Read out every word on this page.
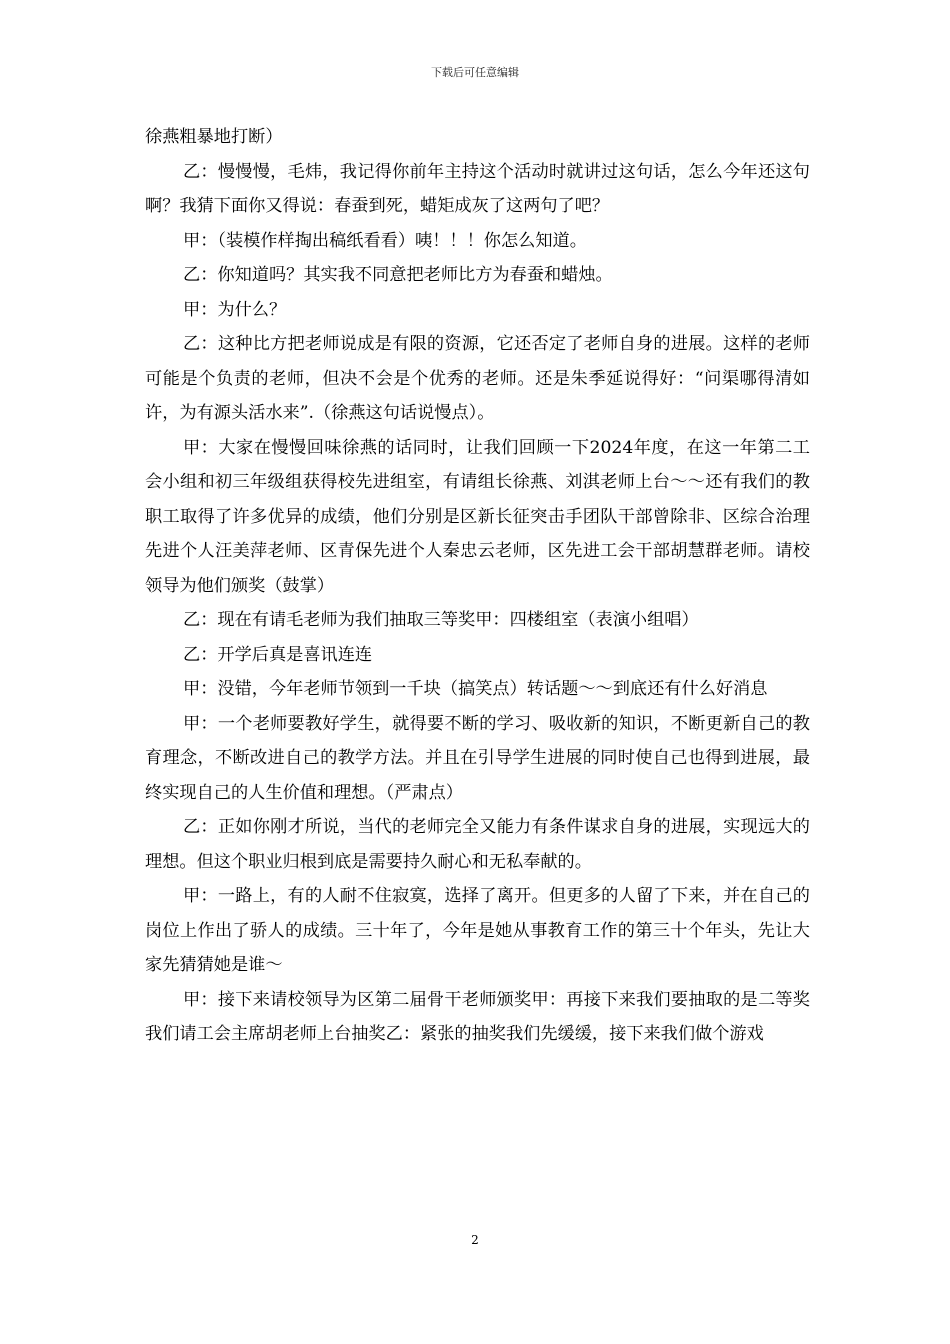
下载后可任意编辑

徐燕粗暴地打断）

乙：慢慢慢，毛炜，我记得你前年主持这个活动时就讲过这句话，怎么今年还这句啊？我猜下面你又得说：春蚕到死，蜡矩成灰了这两句了吧？

甲：（装模作样掏出稿纸看看）咦！！！你怎么知道。

乙：你知道吗？其实我不同意把老师比方为春蚕和蜡烛。

甲：为什么？

乙：这种比方把老师说成是有限的资源，它还否定了老师自身的进展。这样的老师可能是个负责的老师，但决不会是个优秀的老师。还是朱季延说得好：“问渠哪得清如许，为有源头活水来”.（徐燕这句话说慢点）。

甲：大家在慢慢回味徐燕的话同时，让我们回顾一下2024年度，在这一年第二工会小组和初三年级组获得校先进组室，有请组长徐燕、刘淇老师上台～～还有我们的教职工取得了许多优异的成绩，他们分别是区新长征突击手团队干部曾除非、区综合治理先进个人汪美萍老师、区青保先进个人秦忠云老师，区先进工会干部胡慧群老师。请校领导为他们颁奖（鼓掌）

乙：现在有请毛老师为我们抽取三等奖甲：四楼组室（表演小组唱）

乙：开学后真是喜讯连连

甲：没错，今年老师节领到一千块（搞笑点）转话题～～到底还有什么好消息

甲：一个老师要教好学生，就得要不断的学习、吸收新的知识，不断更新自己的教育理念，不断改进自己的教学方法。并且在引导学生进展的同时使自己也得到进展，最终实现自己的人生价值和理想。（严肃点）

乙：正如你刚才所说，当代的老师完全又能力有条件谋求自身的进展，实现远大的理想。但这个职业归根到底是需要持久耐心和无私奉献的。

甲：一路上，有的人耐不住寂寞，选择了离开。但更多的人留了下来，并在自己的岗位上作出了骄人的成绩。三十年了，今年是她从事教育工作的第三十个年头，先让大家先猜猜她是谁～

甲：接下来请校领导为区第二届骨干老师颁奖甲：再接下来我们要抽取的是二等奖我们请工会主席胡老师上台抽奖乙：紧张的抽奖我们先缓缓，接下来我们做个游戏

2
